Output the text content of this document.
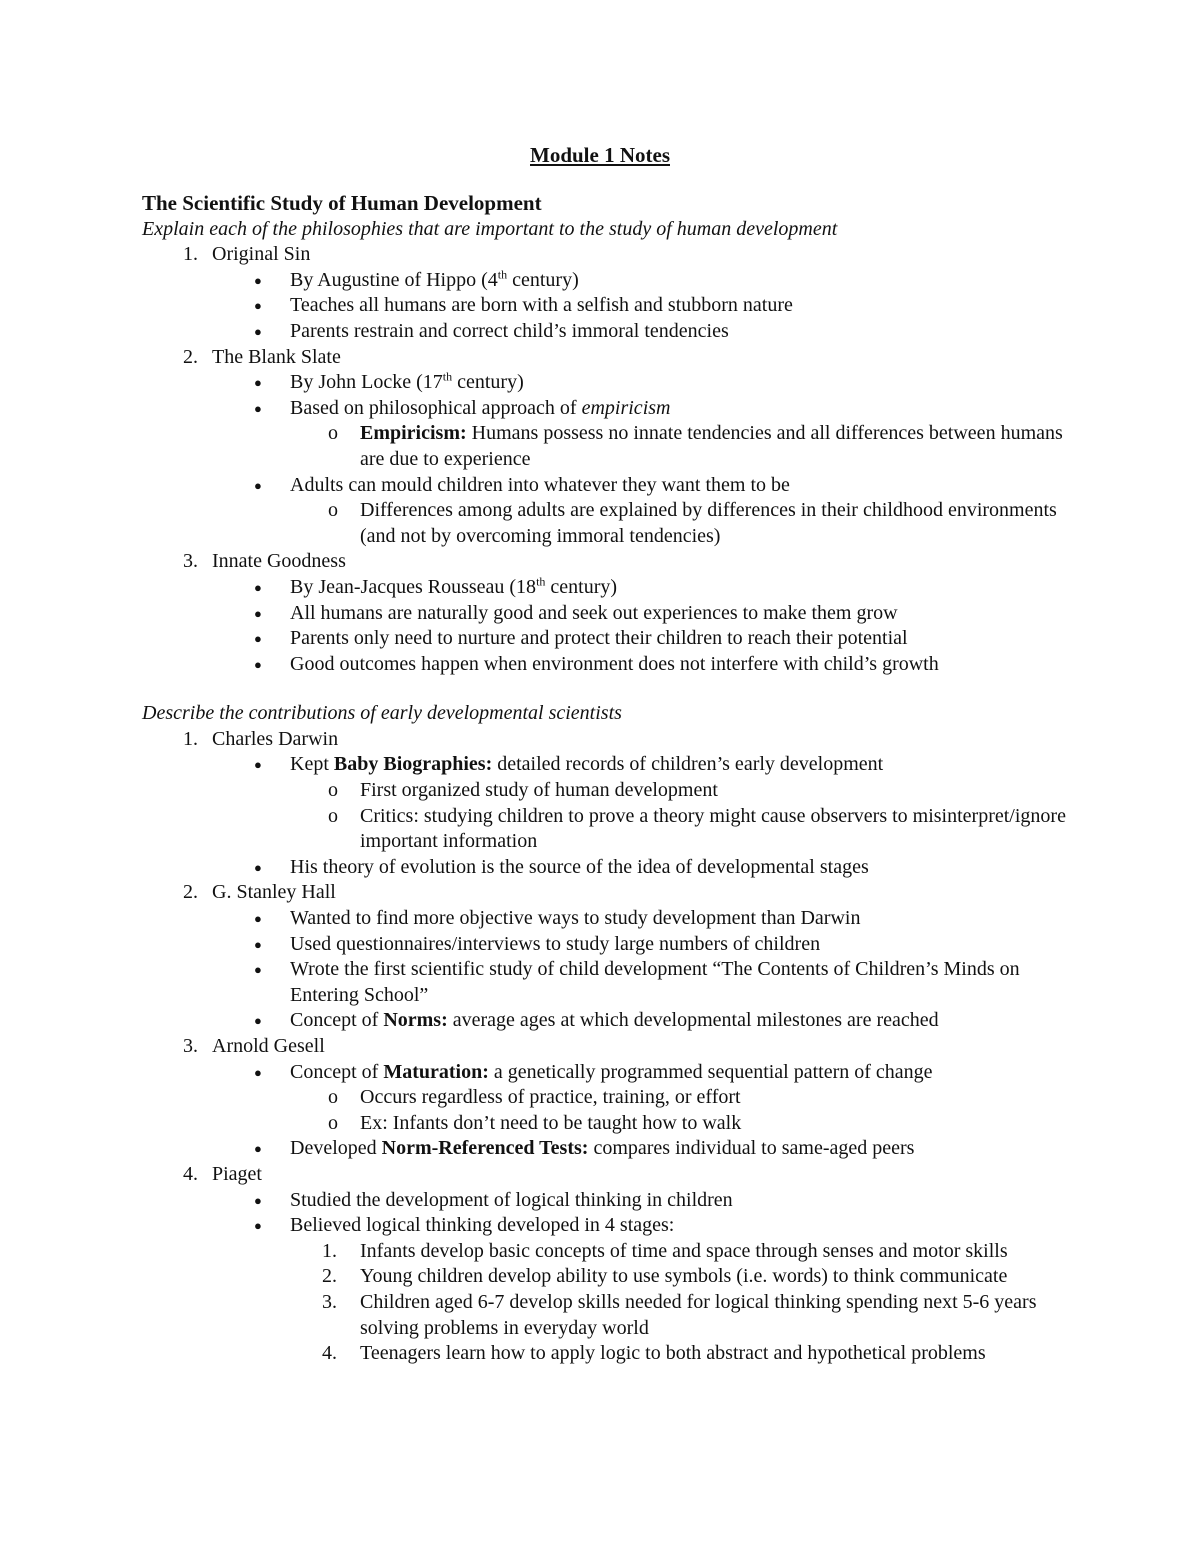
Module 1 Notes
The Scientific Study of Human Development
Explain each of the philosophies that are important to the study of human development
1. Original Sin
● By Augustine of Hippo (4th century)
● Teaches all humans are born with a selfish and stubborn nature
● Parents restrain and correct child’s immoral tendencies
2. The Blank Slate
● By John Locke (17th century)
● Based on philosophical approach of empiricism
o Empiricism: Humans possess no innate tendencies and all differences between humans are due to experience
● Adults can mould children into whatever they want them to be
o Differences among adults are explained by differences in their childhood environments (and not by overcoming immoral tendencies)
3. Innate Goodness
● By Jean-Jacques Rousseau (18th century)
● All humans are naturally good and seek out experiences to make them grow
● Parents only need to nurture and protect their children to reach their potential
● Good outcomes happen when environment does not interfere with child’s growth
Describe the contributions of early developmental scientists
1. Charles Darwin
● Kept Baby Biographies: detailed records of children’s early development
o First organized study of human development
o Critics: studying children to prove a theory might cause observers to misinterpret/ignore important information
● His theory of evolution is the source of the idea of developmental stages
2. G. Stanley Hall
● Wanted to find more objective ways to study development than Darwin
● Used questionnaires/interviews to study large numbers of children
● Wrote the first scientific study of child development “The Contents of Children’s Minds on Entering School”
● Concept of Norms: average ages at which developmental milestones are reached
3. Arnold Gesell
● Concept of Maturation: a genetically programmed sequential pattern of change
o Occurs regardless of practice, training, or effort
o Ex: Infants don’t need to be taught how to walk
● Developed Norm-Referenced Tests: compares individual to same-aged peers
4. Piaget
● Studied the development of logical thinking in children
● Believed logical thinking developed in 4 stages:
1. Infants develop basic concepts of time and space through senses and motor skills
2. Young children develop ability to use symbols (i.e. words) to think communicate
3. Children aged 6-7 develop skills needed for logical thinking spending next 5-6 years solving problems in everyday world
4. Teenagers learn how to apply logic to both abstract and hypothetical problems
